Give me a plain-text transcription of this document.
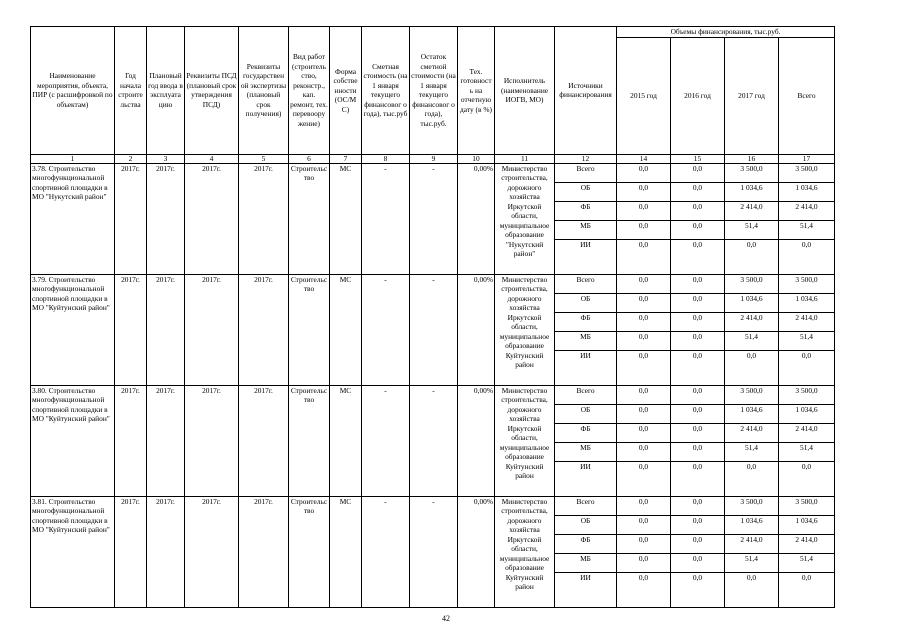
Наименование мероприятия, объекта, ПИР (с расшифровкой по объектам)	Год начала строите льства	Плановый год ввода в эксплуата цию	Реквизиты ПСД (плановый срок утверждения ПСД)	Реквизиты государствен ой экспертизы (плановый срок получения)	Вид работ (строитель ство, реконстр., кап. ремонт, тех. перевоору жение)	Форма собстве нности (ОС/М С)	Сметная стоимость (на 1 января текущего финансовог о года), тыс.руб	Остаток сметной стоимости (на 1 января текущего финансовог о года), тыс.руб.	Тех. готовност ь на отчетную дату (в %)	Исполнитель (наименование ИОГВ, МО)	Источники финансирования	Объемы финансирования, тыс.руб.			
												2015 год	2016 год	2017 год	Всего
1	2	3	4	5	6	7	8	9	10	11	12	14	15	16	17
3.78. Строительство многофункциональной спортивной площадки в МО "Нукутский район"	2017г.	2017г.	2017г.	2017г.	Строительс тво	МС	-	-	0,00%	Министерство строительства, дорожного хозяйства Иркутской области, муниципальное образование "Нукутский район"	Всего	0,0	0,0	3 500,0	3 500,0
											ОБ	0,0	0,0	1 034,6	1 034,6
											ФБ	0,0	0,0	2 414,0	2 414,0
											МБ	0,0	0,0	51,4	51,4
											ИИ	0,0	0,0	0,0	0,0
3.79. Строительство многофункциональной спортивной площадки в МО "Куйтунский район"	2017г.	2017г.	2017г.	2017г.	Строительс тво	МС	-	-	0,00%	Министерство строительства, дорожного хозяйства Иркутской области, муниципальное образование Куйтунский район	Всего	0,0	0,0	3 500,0	3 500,0
											ОБ	0,0	0,0	1 034,6	1 034,6
											ФБ	0,0	0,0	2 414,0	2 414,0
											МБ	0,0	0,0	51,4	51,4
											ИИ	0,0	0,0	0,0	0,0
3.80. Строительство многофункциональной спортивной площадки в МО "Куйтунский район"	2017г.	2017г.	2017г.	2017г.	Строительс тво	МС	-	-	0,00%	Министерство строительства, дорожного хозяйства Иркутской области, муниципальное образование Куйтунский район	Всего	0,0	0,0	3 500,0	3 500,0
											ОБ	0,0	0,0	1 034,6	1 034,6
											ФБ	0,0	0,0	2 414,0	2 414,0
											МБ	0,0	0,0	51,4	51,4
											ИИ	0,0	0,0	0,0	0,0
3.81. Строительство многофункциональной спортивной площадки в МО "Куйтунский район"	2017г.	2017г.	2017г.	2017г.	Строительс тво	МС	-	-	0,00%	Министерство строительства, дорожного хозяйства Иркутской области, муниципальное образование Куйтунский район	Всего	0,0	0,0	3 500,0	3 500,0
											ОБ	0,0	0,0	1 034,6	1 034,6
											ФБ	0,0	0,0	2 414,0	2 414,0
											МБ	0,0	0,0	51,4	51,4
											ИИ	0,0	0,0	0,0	0,0
42
